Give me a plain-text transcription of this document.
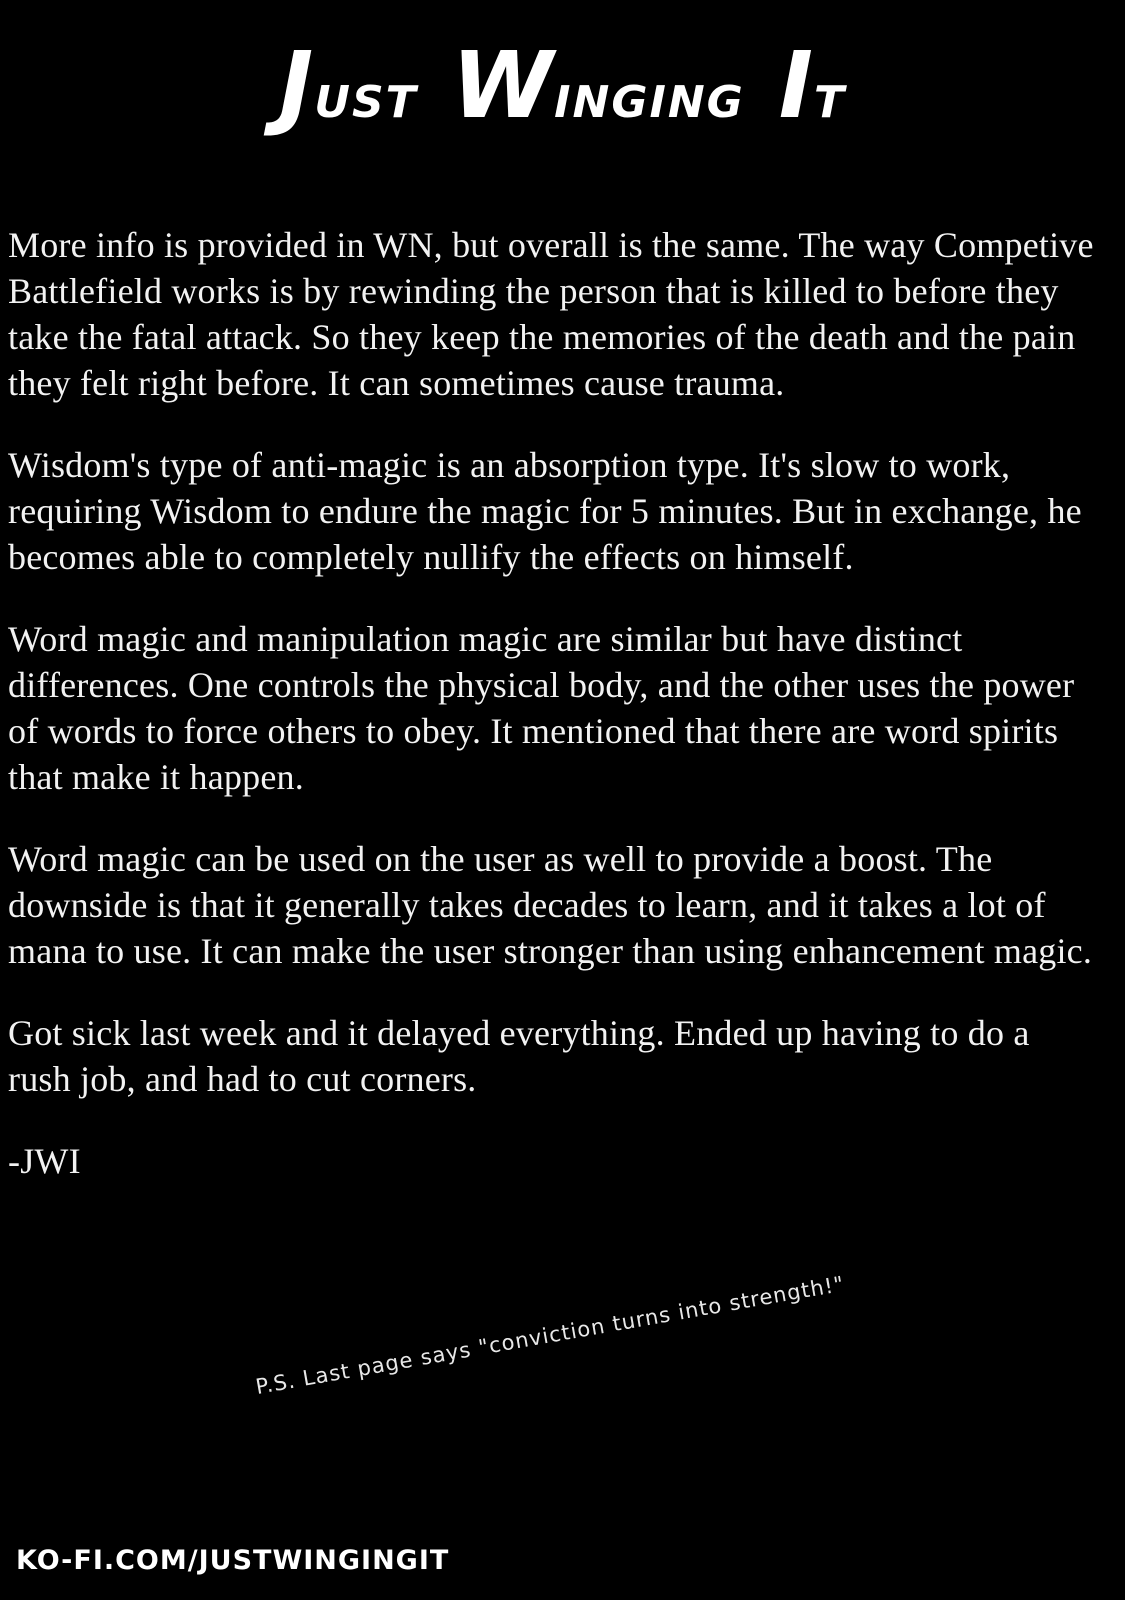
JUST WINGING IT

More info is provided in WN, but overall is the same. The way Competive Battlefield works is by rewinding the person that is killed to before they take the fatal attack. So they keep the memories of the death and the pain they felt right before. It can sometimes cause trauma.

Wisdom's type of anti-magic is an absorption type. It's slow to work, requiring Wisdom to endure the magic for 5 minutes. But in exchange, he becomes able to completely nullify the effects on himself.

Word magic and manipulation magic are similar but have distinct differences. One controls the physical body, and the other uses the power of words to force others to obey. It mentioned that there are word spirits that make it happen.

Word magic can be used on the user as well to provide a boost. The downside is that it generally takes decades to learn, and it takes a lot of mana to use. It can make the user stronger than using enhancement magic.

Got sick last week and it delayed everything. Ended up having to do a rush job, and had to cut corners.

-JWI

P.S. Last page says "conviction turns into strength!"
KO-FI.COM/JUSTWINGINGIT
